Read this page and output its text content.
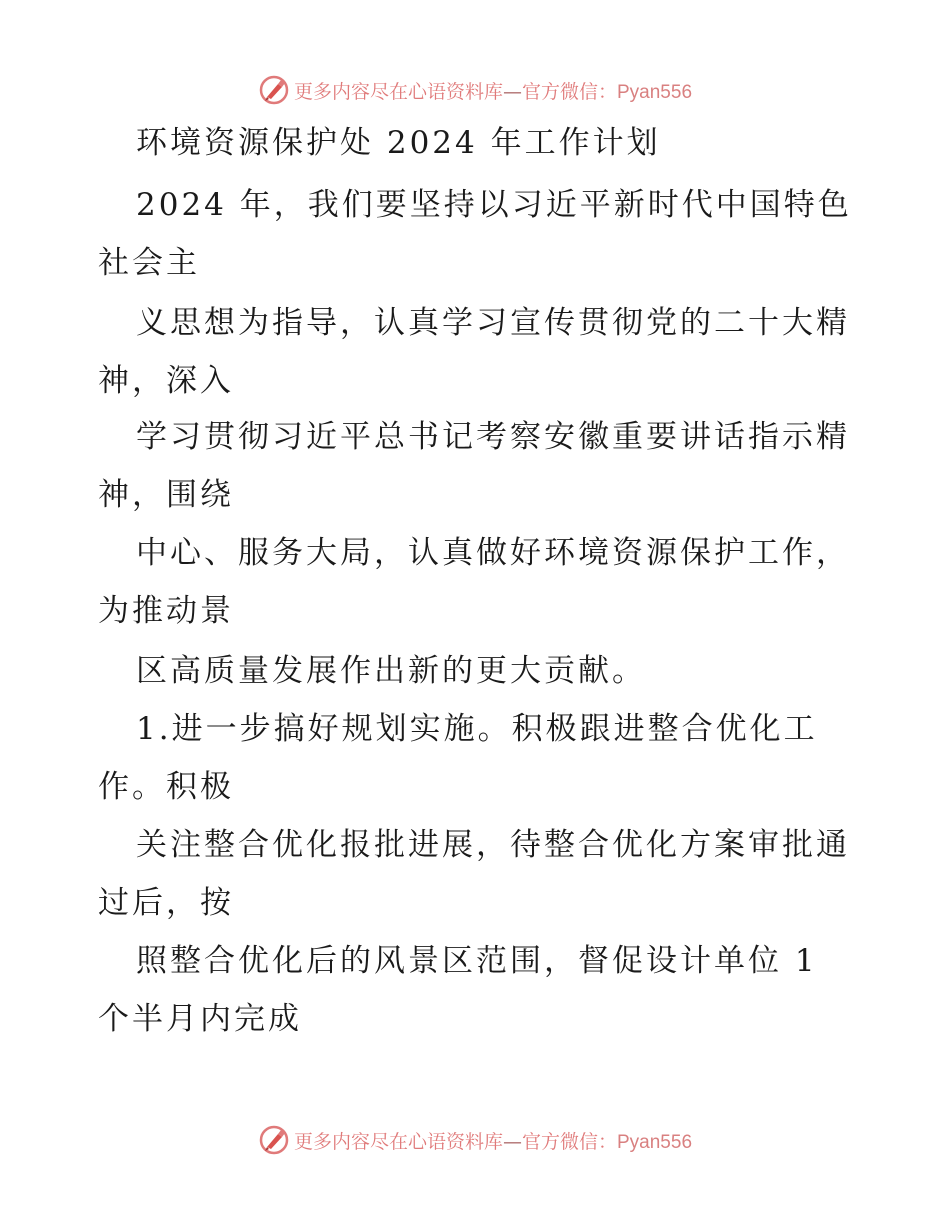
更多内容尽在心语资料库—官方微信：Pyan556
环境资源保护处 2024 年工作计划
2024 年，我们要坚持以习近平新时代中国特色
社会主
义思想为指导，认真学习宣传贯彻党的二十大精
神，深入
学习贯彻习近平总书记考察安徽重要讲话指示精
神，围绕
中心、服务大局，认真做好环境资源保护工作，
为推动景
区高质量发展作出新的更大贡献。
1.进一步搞好规划实施。积极跟进整合优化工
作。积极
关注整合优化报批进展，待整合优化方案审批通
过后，按
照整合优化后的风景区范围，督促设计单位 1
个半月内完成
更多内容尽在心语资料库—官方微信：Pyan556
